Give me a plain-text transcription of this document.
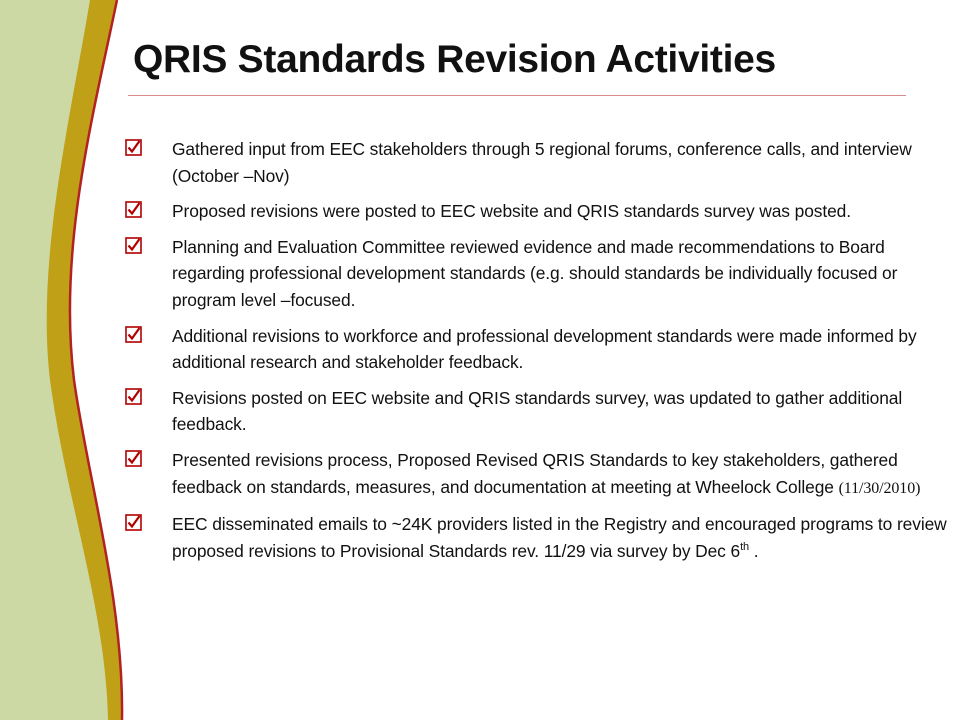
QRIS Standards Revision Activities
Gathered input from EEC stakeholders through 5 regional forums, conference calls, and interview (October –Nov)
Proposed revisions were posted to EEC website and QRIS standards survey was posted.
Planning and Evaluation Committee reviewed evidence and made recommendations to Board regarding professional development standards (e.g. should standards be individually focused or program level –focused.
Additional revisions to workforce and professional development standards were made informed by additional research and stakeholder feedback.
Revisions posted on EEC website and QRIS standards survey, was updated to gather additional feedback.
Presented revisions process, Proposed Revised QRIS Standards to key stakeholders, gathered feedback on standards, measures, and documentation at meeting at Wheelock College (11/30/2010)
EEC disseminated emails to ~24K providers listed in the Registry and encouraged programs to review proposed revisions to Provisional Standards rev. 11/29 via survey by Dec 6th .
